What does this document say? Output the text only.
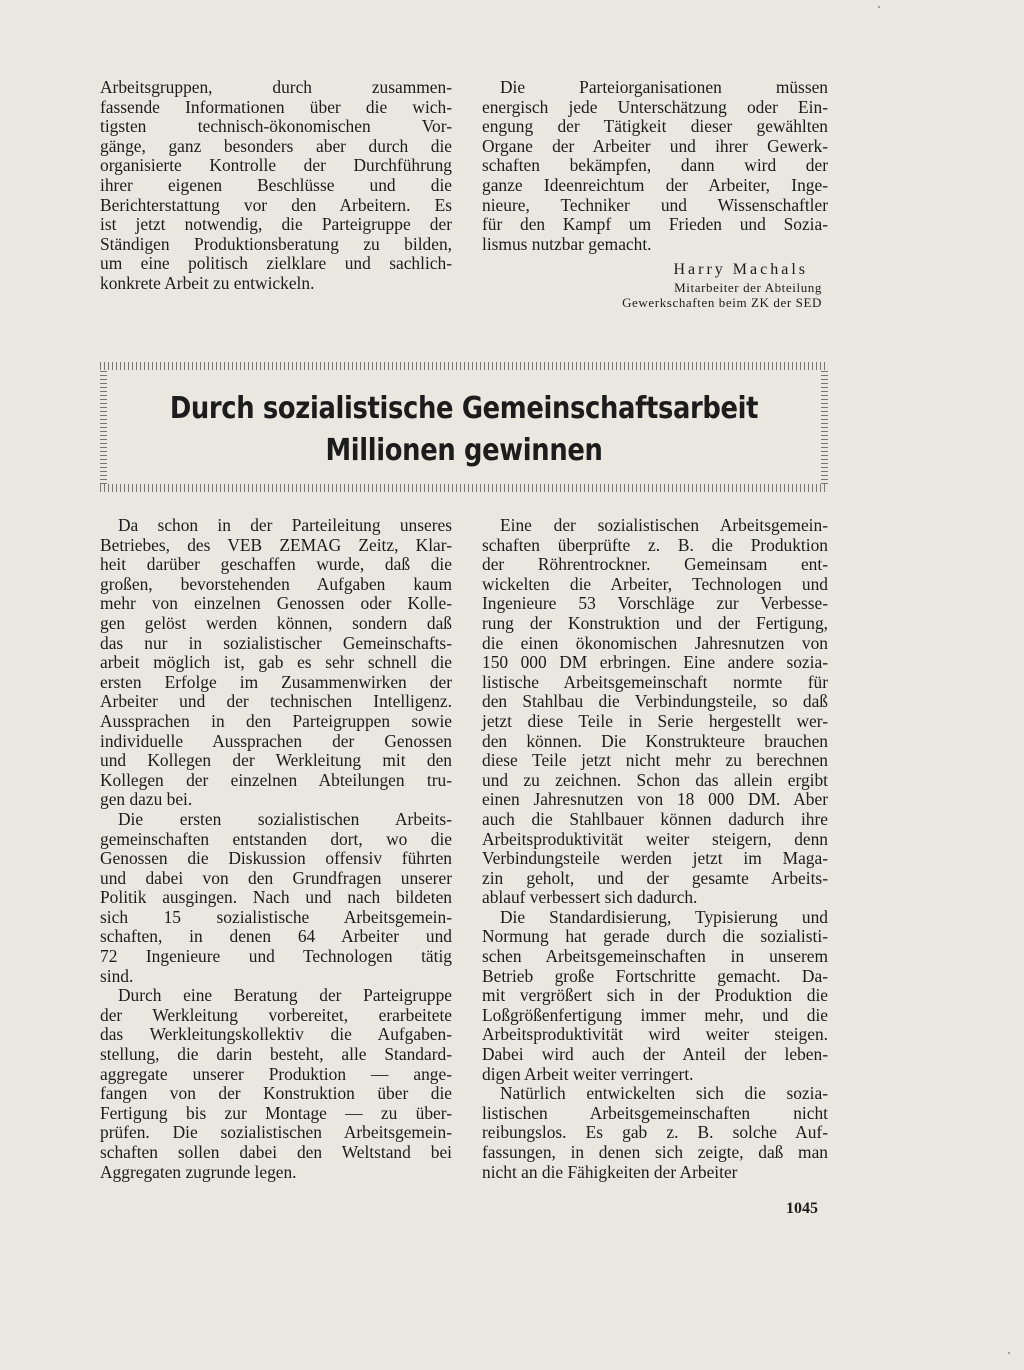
Arbeitsgruppen, durch zusammen-
fassende Informationen über die wich-
tigsten technisch-ökonomischen Vor-
gänge, ganz besonders aber durch die
organisierte Kontrolle der Durchführung
ihrer eigenen Beschlüsse und die
Berichterstattung vor den Arbeitern. Es
ist jetzt notwendig, die Parteigruppe der
Ständigen Produktionsberatung zu bilden,
um eine politisch zielklare und sachlich-
konkrete Arbeit zu entwickeln.
Die Parteiorganisationen müssen
energisch jede Unterschätzung oder Ein-
engung der Tätigkeit dieser gewählten
Organe der Arbeiter und ihrer Gewerk-
schaften bekämpfen, dann wird der
ganze Ideenreichtum der Arbeiter, Inge-
nieure, Techniker und Wissenschaftler
für den Kampf um Frieden und Sozia-
lismus nutzbar gemacht.
Harry Machals
Mitarbeiter der Abteilung
Gewerkschaften beim ZK der SED
Durch sozialistische Gemeinschaftsarbeit
Millionen gewinnen
Da schon in der Parteileitung unseres
Betriebes, des VEB ZEMAG Zeitz, Klar-
heit darüber geschaffen wurde, daß die
großen, bevorstehenden Aufgaben kaum
mehr von einzelnen Genossen oder Kolle-
gen gelöst werden können, sondern daß
das nur in sozialistischer Gemeinschafts-
arbeit möglich ist, gab es sehr schnell die
ersten Erfolge im Zusammenwirken der
Arbeiter und der technischen Intelligenz.
Aussprachen in den Parteigruppen sowie
individuelle Aussprachen der Genossen
und Kollegen der Werkleitung mit den
Kollegen der einzelnen Abteilungen tru-
gen dazu bei.
Die ersten sozialistischen Arbeits-
gemeinschaften entstanden dort, wo die
Genossen die Diskussion offensiv führten
und dabei von den Grundfragen unserer
Politik ausgingen. Nach und nach bildeten
sich 15 sozialistische Arbeitsgemein-
schaften, in denen 64 Arbeiter und
72 Ingenieure und Technologen tätig
sind.
Durch eine Beratung der Parteigruppe
der Werkleitung vorbereitet, erarbeitete
das Werkleitungskollektiv die Aufgaben-
stellung, die darin besteht, alle Standard-
aggregate unserer Produktion — ange-
fangen von der Konstruktion über die
Fertigung bis zur Montage — zu über-
prüfen. Die sozialistischen Arbeitsgemein-
schaften sollen dabei den Weltstand bei
Aggregaten zugrunde legen.
Eine der sozialistischen Arbeitsgemein-
schaften überprüfte z. B. die Produktion
der Röhrentrockner. Gemeinsam ent-
wickelten die Arbeiter, Technologen und
Ingenieure 53 Vorschläge zur Verbesse-
rung der Konstruktion und der Fertigung,
die einen ökonomischen Jahresnutzen von
150 000 DM erbringen. Eine andere sozia-
listische Arbeitsgemeinschaft normte für
den Stahlbau die Verbindungsteile, so daß
jetzt diese Teile in Serie hergestellt wer-
den können. Die Konstrukteure brauchen
diese Teile jetzt nicht mehr zu berechnen
und zu zeichnen. Schon das allein ergibt
einen Jahresnutzen von 18 000 DM. Aber
auch die Stahlbauer können dadurch ihre
Arbeitsproduktivität weiter steigern, denn
Verbindungsteile werden jetzt im Maga-
zin geholt, und der gesamte Arbeits-
ablauf verbessert sich dadurch.
Die Standardisierung, Typisierung und
Normung hat gerade durch die sozialisti-
schen Arbeitsgemeinschaften in unserem
Betrieb große Fortschritte gemacht. Da-
mit vergrößert sich in der Produktion die
Loßgrößenfertigung immer mehr, und die
Arbeitsproduktivität wird weiter steigen.
Dabei wird auch der Anteil der leben-
digen Arbeit weiter verringert.
Natürlich entwickelten sich die sozia-
listischen Arbeitsgemeinschaften nicht
reibungslos. Es gab z. B. solche Auf-
fassungen, in denen sich zeigte, daß man
nicht an die Fähigkeiten der Arbeiter
1045
